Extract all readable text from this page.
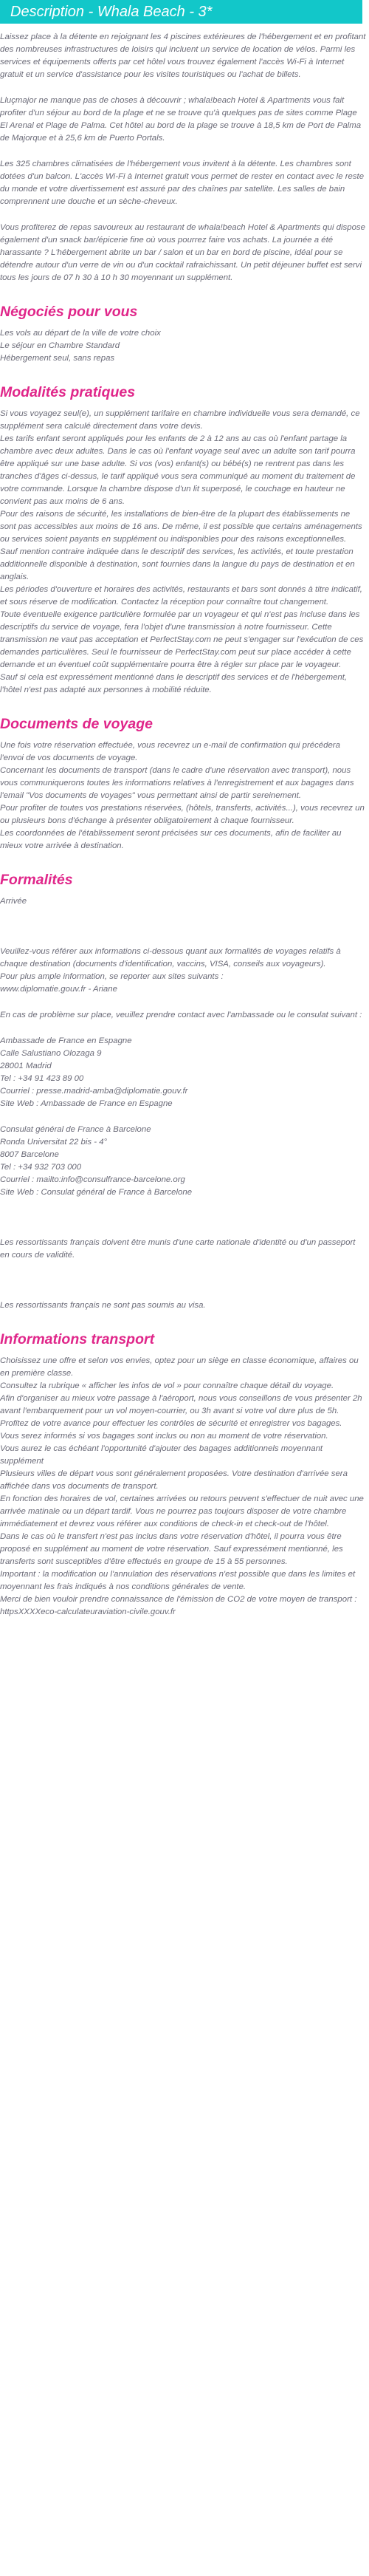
Description - Whala Beach - 3*

Laissez place à la détente en rejoignant les 4 piscines extérieures de l'hébergement et en profitant des nombreuses infrastructures de loisirs qui incluent un service de location de vélos. Parmi les services et équipements offerts par cet hôtel vous trouvez également l'accès Wi-Fi à Internet gratuit et un service d'assistance pour les visites touristiques ou l'achat de billets.

Lluçmajor ne manque pas de choses à découvrir ; whala!beach Hotel & Apartments vous fait profiter d'un séjour au bord de la plage et ne se trouve qu'à quelques pas de sites comme Plage El Arenal et Plage de Palma. Cet hôtel au bord de la plage se trouve à 18,5 km de Port de Palma de Majorque et à 25,6 km de Puerto Portals.

Les 325 chambres climatisées de l'hébergement vous invitent à la détente. Les chambres sont dotées d'un balcon. L'accès Wi-Fi à Internet gratuit vous permet de rester en contact avec le reste du monde et votre divertissement est assuré par des chaînes par satellite. Les salles de bain comprennent une douche et un sèche-cheveux.

Vous profiterez de repas savoureux au restaurant de whala!beach Hotel & Apartments qui dispose également d'un snack bar/épicerie fine où vous pourrez faire vos achats. La journée a été harassante ? L'hébergement abrite un bar / salon et un bar en bord de piscine, idéal pour se détendre autour d'un verre de vin ou d'un cocktail rafraichissant. Un petit déjeuner buffet est servi tous les jours de 07 h 30 à 10 h 30 moyennant un supplément.

Négociés pour vous

Les vols au départ de la ville de votre choix

Le séjour en Chambre Standard

Hébergement seul, sans repas

Modalités pratiques

Si vous voyagez seul(e), un supplément tarifaire en chambre individuelle vous sera demandé, ce supplément sera calculé directement dans votre devis.

Les tarifs enfant seront appliqués pour les enfants de 2 à 12 ans au cas où l'enfant partage la chambre avec deux adultes. Dans le cas où l'enfant voyage seul avec un adulte son tarif pourra être appliqué sur une base adulte. Si vos (vos) enfant(s) ou bébé(s) ne rentrent pas dans les tranches d'âges ci-dessus, le tarif appliqué vous sera communiqué au moment du traitement de votre commande. Lorsque la chambre dispose d'un lit superposé, le couchage en hauteur ne convient pas aux moins de 6 ans.

Pour des raisons de sécurité, les installations de bien-être de la plupart des établissements ne sont pas accessibles aux moins de 16 ans. De même, il est possible que certains aménagements ou services soient payants en supplément ou indisponibles pour des raisons exceptionnelles.

Sauf mention contraire indiquée dans le descriptif des services, les activités, et toute prestation additionnelle disponible à destination, sont fournies dans la langue du pays de destination et en anglais.

Les périodes d'ouverture et horaires des activités, restaurants et bars sont donnés à titre indicatif, et sous réserve de modification. Contactez la réception pour connaître tout changement.

Toute éventuelle exigence particulière formulée par un voyageur et qui n'est pas incluse dans les descriptifs du service de voyage, fera l'objet d'une transmission à notre fournisseur. Cette transmission ne vaut pas acceptation et PerfectStay.com ne peut s'engager sur l'exécution de ces demandes particulières. Seul le fournisseur de PerfectStay.com peut sur place accéder à cette demande et un éventuel coût supplémentaire pourra être à régler sur place par le voyageur.

Sauf si cela est expressément mentionné dans le descriptif des services et de l'hébergement, l'hôtel n'est pas adapté aux personnes à mobilité réduite.

Documents de voyage

Une fois votre réservation effectuée, vous recevrez un e-mail de confirmation qui précédera l'envoi de vos documents de voyage.

Concernant les documents de transport (dans le cadre d'une réservation avec transport), nous vous communiquerons toutes les informations relatives à l'enregistrement et aux bagages dans l'email "Vos documents de voyages" vous permettant ainsi de partir sereinement.

Pour profiter de toutes vos prestations réservées, (hôtels, transferts, activités...), vous recevrez un ou plusieurs bons d'échange à présenter obligatoirement à chaque fournisseur.

Les coordonnées de l'établissement seront précisées sur ces documents, afin de faciliter au mieux votre arrivée à destination.

Formalités

Arrivée

Veuillez-vous référer aux informations ci-dessous quant aux formalités de voyages relatifs à chaque destination (documents d'identification, vaccins, VISA, conseils aux voyageurs).

Pour plus ample information, se reporter aux sites suivants :

www.diplomatie.gouv.fr - Ariane

En cas de problème sur place, veuillez prendre contact avec l'ambassade ou le consulat suivant :

Ambassade de France en Espagne

Calle Salustiano Olozaga 9

28001 Madrid

Tel : +34 91 423 89 00

Courriel : presse.madrid-amba@diplomatie.gouv.fr

Site Web : Ambassade de France en Espagne

Consulat général de France à Barcelone

Ronda Universitat 22 bis - 4°

8007 Barcelone

Tel : +34 932 703 000

Courriel : mailto:info@consulfrance-barcelone.org

Site Web : Consulat général de France à Barcelone

Les ressortissants français doivent être munis d'une carte nationale d'identité ou d'un passeport en cours de validité.

Les ressortissants français ne sont pas soumis au visa.

Informations transport

Choisissez une offre et selon vos envies, optez pour un siège en classe économique, affaires ou en première classe.

Consultez la rubrique « afficher les infos de vol » pour connaître chaque détail du voyage.

Afin d'organiser au mieux votre passage à l'aéroport, nous vous conseillons de vous présenter 2h avant l'embarquement pour un vol moyen-courrier, ou 3h avant si votre vol dure plus de 5h. Profitez de votre avance pour effectuer les contrôles de sécurité et enregistrer vos bagages.

Vous serez informés si vos bagages sont inclus ou non au moment de votre réservation.

Vous aurez le cas échéant l'opportunité d'ajouter des bagages additionnels moyennant supplément

Plusieurs villes de départ vous sont généralement proposées. Votre destination d'arrivée sera affichée dans vos documents de transport.

En fonction des horaires de vol, certaines arrivées ou retours peuvent s'effectuer de nuit avec une arrivée matinale ou un départ tardif. Vous ne pourrez pas toujours disposer de votre chambre immédiatement et devrez vous référer aux conditions de check-in et check-out de l'hôtel.

Dans le cas où le transfert n'est pas inclus dans votre réservation d'hôtel, il pourra vous être proposé en supplément au moment de votre réservation. Sauf expressément mentionné, les transferts sont susceptibles d'être effectués en groupe de 15 à 55 personnes.

Important : la modification ou l'annulation des réservations n'est possible que dans les limites et moyennant les frais indiqués à nos conditions générales de vente.

Merci de bien vouloir prendre connaissance de l'émission de CO2 de votre moyen de transport : httpsXXXXeco-calculateuraviation-civile.gouv.fr
